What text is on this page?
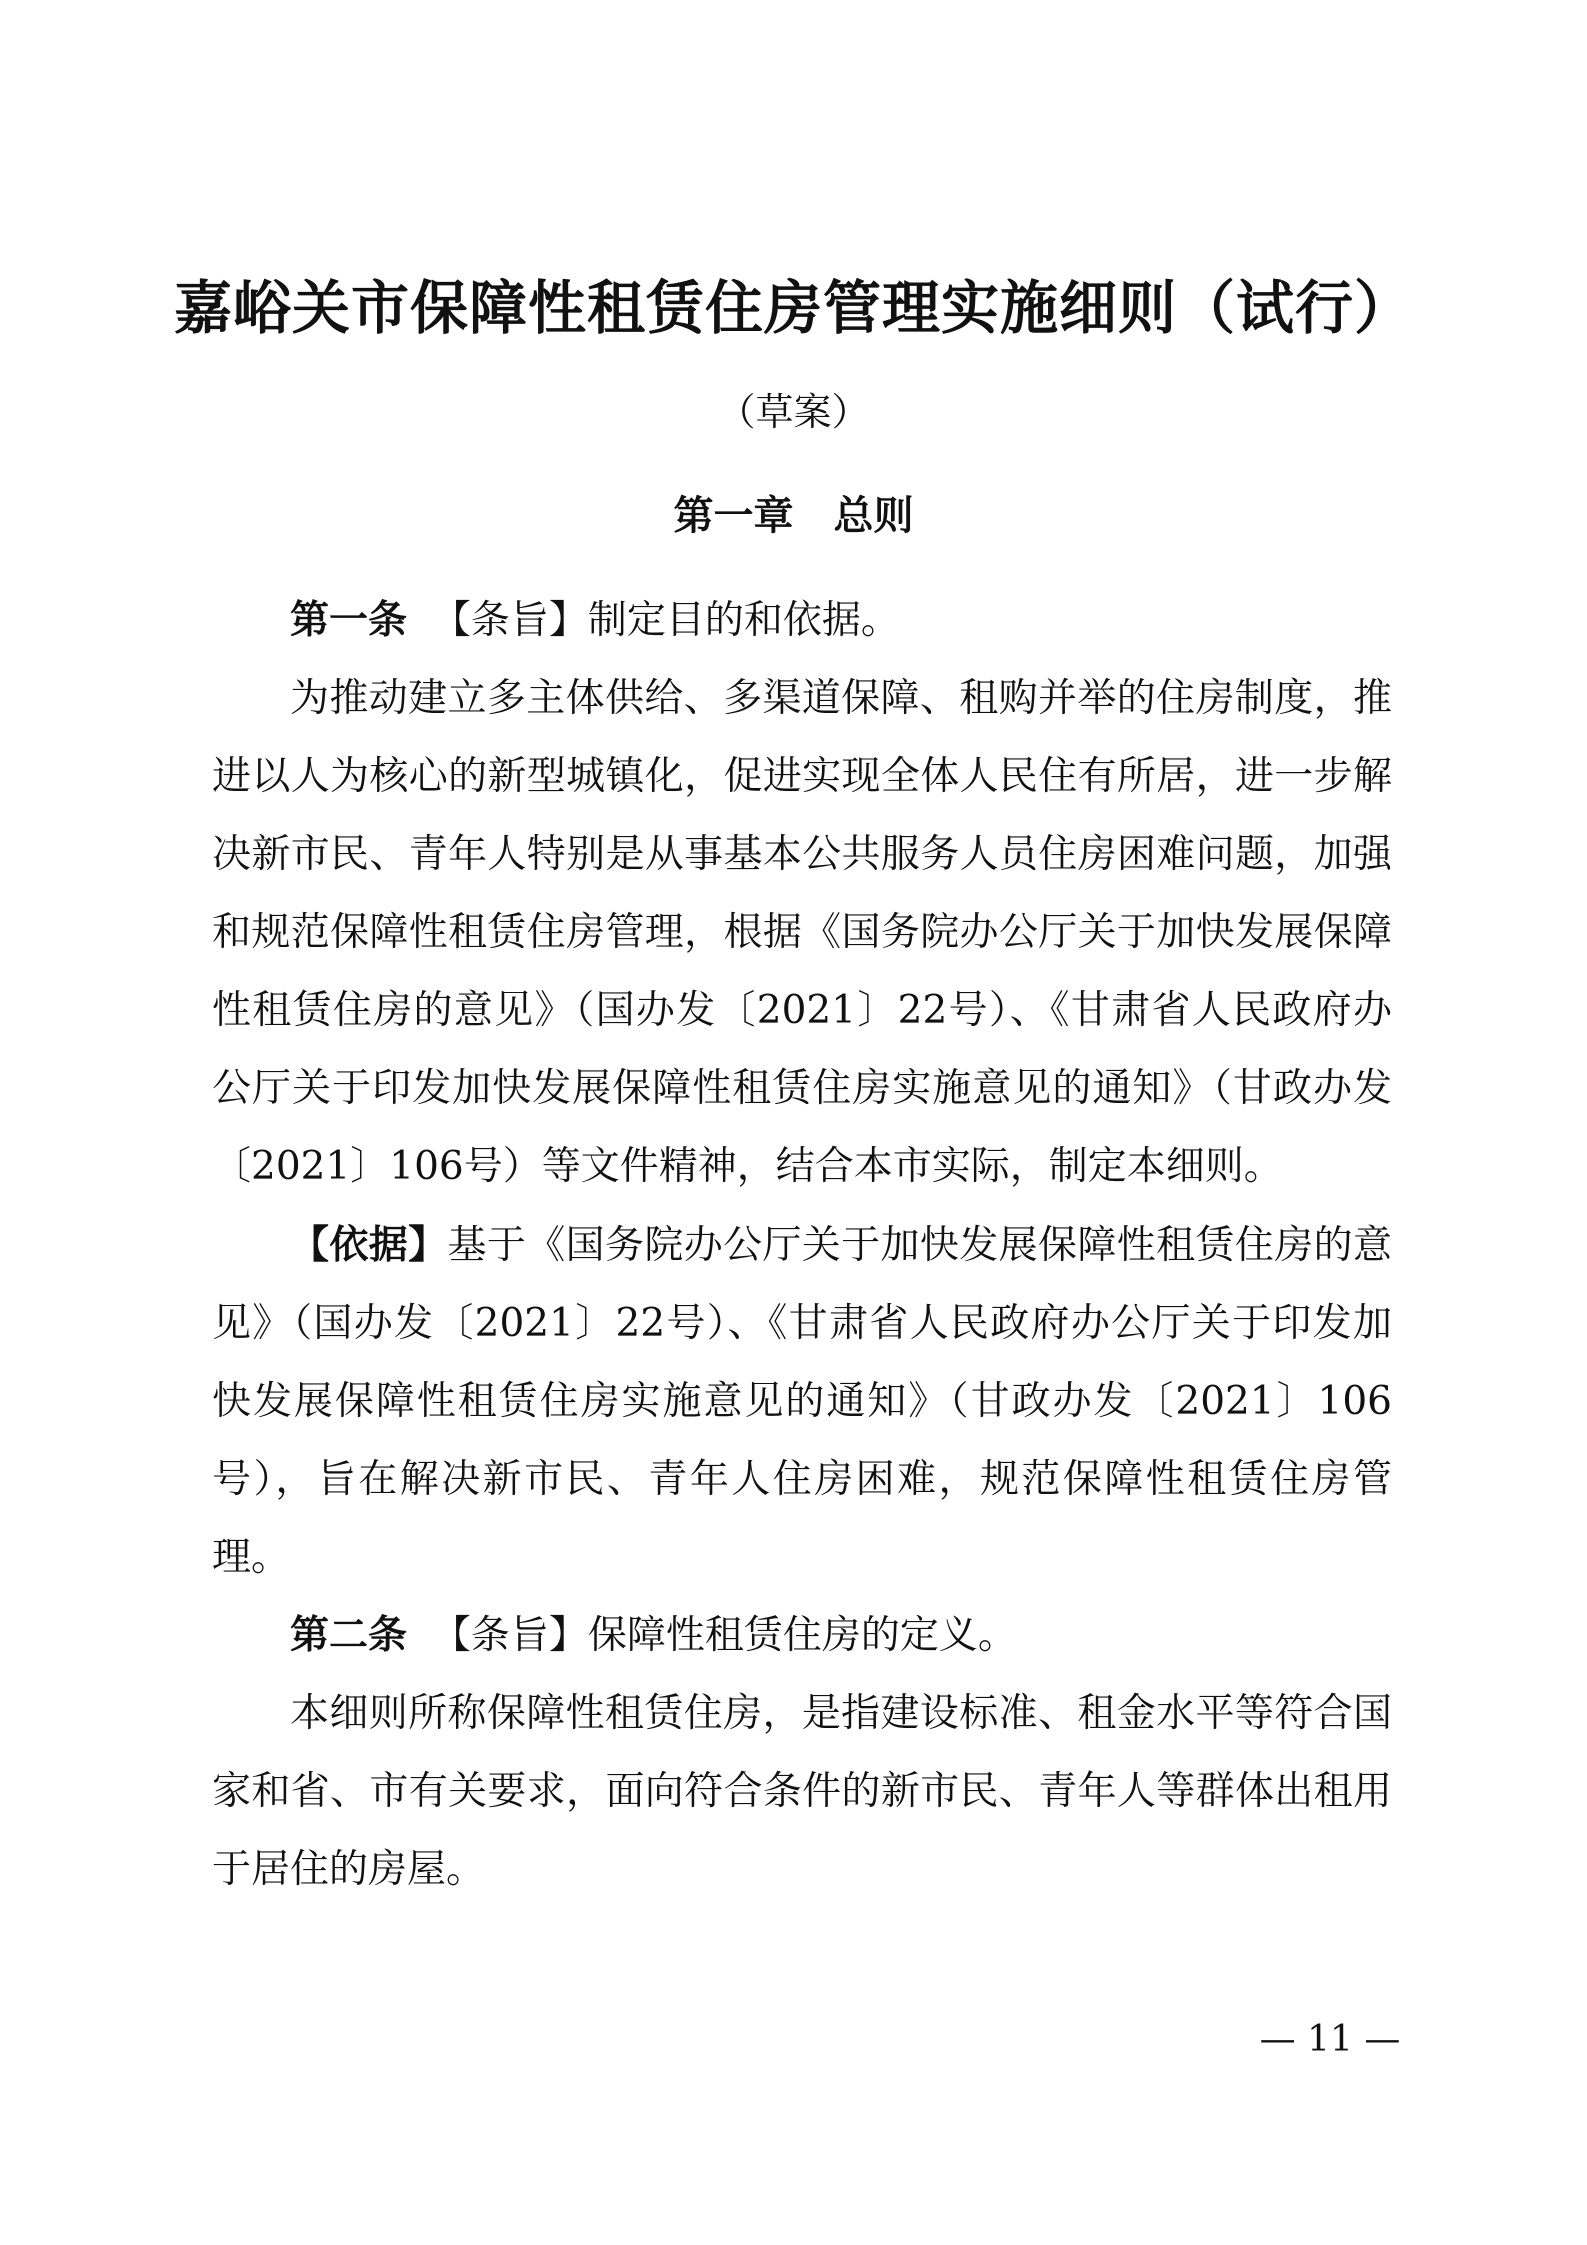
嘉峪关市保障性租赁住房管理实施细则（试行）
（草案）
第一章　总则

第一条 【条旨】制定目的和依据。

为推动建立多主体供给、多渠道保障、租购并举的住房制度，推进以人为核心的新型城镇化，促进实现全体人民住有所居，进一步解决新市民、青年人特别是从事基本公共服务人员住房困难问题，加强和规范保障性租赁住房管理，根据《国务院办公厅关于加快发展保障性租赁住房的意见》（国办发〔2021〕22号）、《甘肃省人民政府办公厅关于印发加快发展保障性租赁住房实施意见的通知》（甘政办发〔2021〕106号）等文件精神，结合本市实际，制定本细则。

【依据】基于《国务院办公厅关于加快发展保障性租赁住房的意见》（国办发〔2021〕22号）、《甘肃省人民政府办公厅关于印发加快发展保障性租赁住房实施意见的通知》（甘政办发〔2021〕106号），旨在解决新市民、青年人住房困难，规范保障性租赁住房管理。

第二条 【条旨】保障性租赁住房的定义。

本细则所称保障性租赁住房，是指建设标准、租金水平等符合国家和省、市有关要求，面向符合条件的新市民、青年人等群体出租用于居住的房屋。

— 11 —
